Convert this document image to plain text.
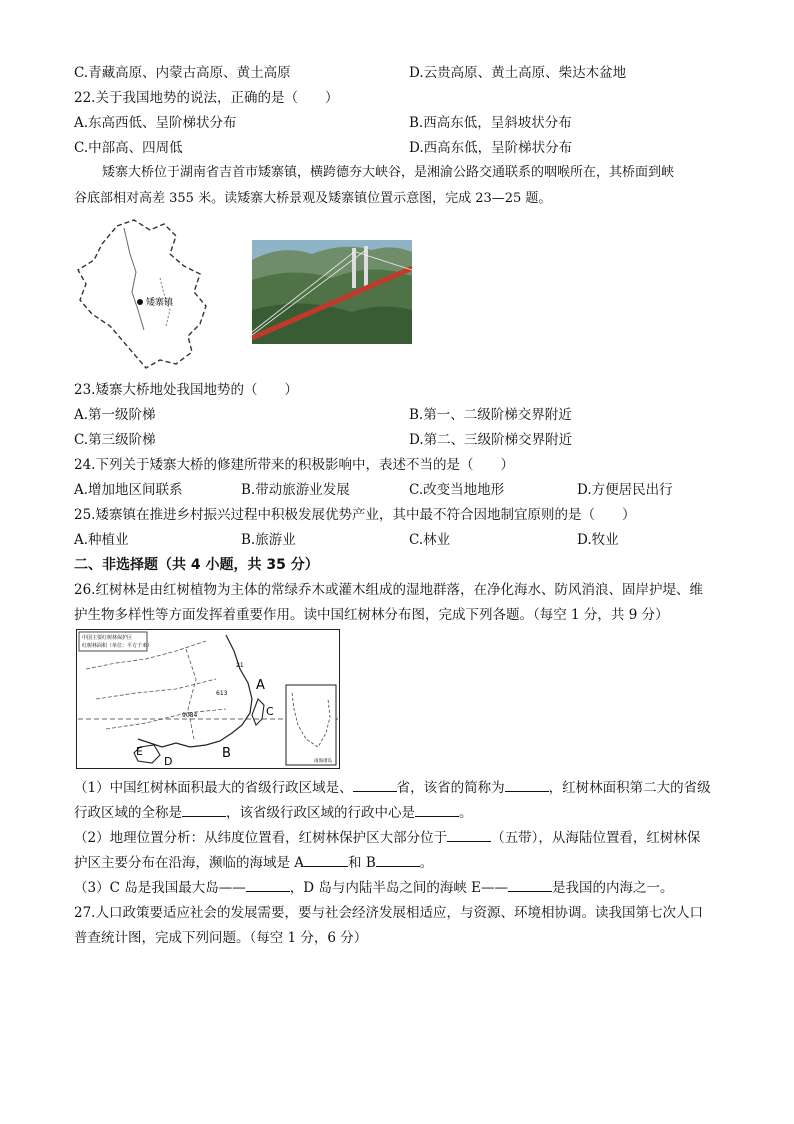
C.青藏高原、内蒙古高原、黄土高原	D.云贵高原、黄土高原、柴达木盆地
22.关于我国地势的说法，正确的是（　　）
A.东高西低、呈阶梯状分布	B.西高东低，呈斜坡状分布
C.中部高、四周低	D.西高东低，呈阶梯状分布
矮寨大桥位于湖南省吉首市矮寨镇，横跨德夯大峡谷，是湘渝公路交通联系的咽喉所在，其桥面到峡
谷底部相对高差 355 米。读矮寨大桥景观及矮寨镇位置示意图，完成 23—25 题。
矮寨镇
23.矮寨大桥地处我国地势的（　　）
A.第一级阶梯	B.第一、二级阶梯交界附近
C.第三级阶梯	D.第二、三级阶梯交界附近
24.下列关于矮寨大桥的修建所带来的积极影响中，表述不当的是（　　）
A.增加地区间联系	B.带动旅游业发展	C.改变当地地形	D.方便居民出行
25.矮寨镇在推进乡村振兴过程中积极发展优势产业，其中最不符合因地制宜原则的是（　　）
A.种植业	B.旅游业	C.林业	D.牧业
二、非选择题（共 4 小题，共 35 分）
26.红树林是由红树植物为主体的常绿乔木或灌木组成的湿地群落，在净化海水、防风消浪、固岸护堤、维
护生物多样性等方面发挥着重要作用。读中国红树林分布图，完成下列各题。（每空 1 分，共 9 分）
中国主要红树林保护区
红树林面积（单位：平方千米）
21
613
9084
A
B
C
D
E
南海诸岛
（1）中国红树林面积最大的省级行政区域是、	省，该省的简称为	，红树林面积第二大的省级
行政区域的全称是	，该省级行政区域的行政中心是	。
（2）地理位置分析：从纬度位置看，红树林保护区大部分位于	（五带），从海陆位置看，红树林保
护区主要分布在沿海，濒临的海域是 A	和 B	。
（3）C 岛是我国最大岛——	，D 岛与内陆半岛之间的海峡 E——	是我国的内海之一。
27.人口政策要适应社会的发展需要，要与社会经济发展相适应，与资源、环境相协调。读我国第七次人口
普查统计图，完成下列问题。（每空 1 分，6 分）
